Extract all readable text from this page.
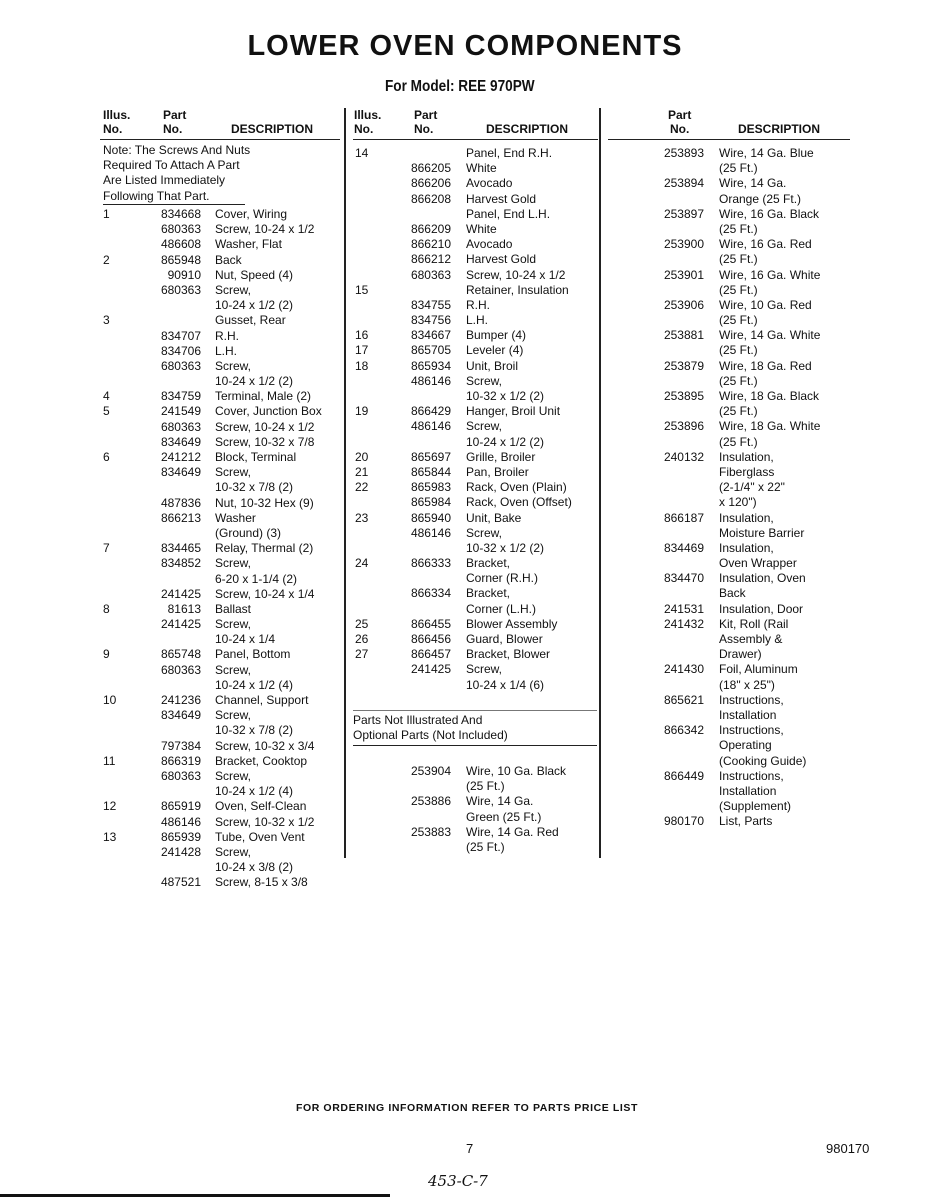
LOWER OVEN COMPONENTS
For Model: REE 970PW
Illus.
No.
Part
No.	DESCRIPTION
Illus.
No.
Part
No.	DESCRIPTION
Part
No.	DESCRIPTION
Note: The Screws And Nuts
Required To Attach A Part
Are Listed Immediately
Following That Part.
1	834668 Cover, Wiring
680363 Screw, 10-24 x 1/2
486608 Washer, Flat
2	865948 Back
90910 Nut, Speed (4)
680363 Screw,
10-24 x 1/2 (2)
3	Gusset, Rear
834707 R.H.
834706 L.H.
680363 Screw,
10-24 x 1/2 (2)
4	834759 Terminal, Male (2)
5	241549 Cover, Junction Box
680363 Screw, 10-24 x 1/2
834649 Screw, 10-32 x 7/8
6	241212 Block, Terminal
834649 Screw,
10-32 x 7/8 (2)
487836 Nut, 10-32 Hex (9)
866213 Washer
(Ground) (3)
7	834465 Relay, Thermal (2)
834852 Screw,
6-20 x 1-1/4 (2)
241425 Screw, 10-24 x 1/4
8	81613 Ballast
241425 Screw,
10-24 x 1/4
9	865748 Panel, Bottom
680363 Screw,
10-24 x 1/2 (4)
10	241236 Channel, Support
834649 Screw,
10-32 x 7/8 (2)
797384 Screw, 10-32 x 3/4
11	866319 Bracket, Cooktop
680363 Screw,
10-24 x 1/2 (4)
12	865919 Oven, Self-Clean
486146 Screw, 10-32 x 1/2
13	865939 Tube, Oven Vent
241428 Screw,
10-24 x 3/8 (2)
487521 Screw, 8-15 x 3/8
14	Panel, End R.H.
866205 White
866206 Avocado
866208 Harvest Gold
Panel, End L.H.
866209 White
866210 Avocado
866212 Harvest Gold
680363 Screw, 10-24 x 1/2
15	Retainer, Insulation
834755 R.H.
834756 L.H.
16	834667 Bumper (4)
17	865705 Leveler (4)
18	865934 Unit, Broil
486146 Screw,
10-32 x 1/2 (2)
19	866429 Hanger, Broil Unit
486146 Screw,
10-24 x 1/2 (2)
20	865697 Grille, Broiler
21	865844 Pan, Broiler
22	865983 Rack, Oven (Plain)
865984 Rack, Oven (Offset)
23	865940 Unit, Bake
486146 Screw,
10-32 x 1/2 (2)
24	866333 Bracket,
Corner (R.H.)
866334 Bracket,
Corner (L.H.)
25	866455 Blower Assembly
26	866456 Guard, Blower
27	866457 Bracket, Blower
241425 Screw,
10-24 x 1/4 (6)
Parts Not Illustrated And
Optional Parts (Not Included)
253904 Wire, 10 Ga. Black
(25 Ft.)
253886 Wire, 14 Ga.
Green (25 Ft.)
253883 Wire, 14 Ga. Red
(25 Ft.)
253893 Wire, 14 Ga. Blue
(25 Ft.)
253894 Wire, 14 Ga.
Orange (25 Ft.)
253897 Wire, 16 Ga. Black
(25 Ft.)
253900 Wire, 16 Ga. Red
(25 Ft.)
253901 Wire, 16 Ga. White
(25 Ft.)
253906 Wire, 10 Ga. Red
(25 Ft.)
253881 Wire, 14 Ga. White
(25 Ft.)
253879 Wire, 18 Ga. Red
(25 Ft.)
253895 Wire, 18 Ga. Black
(25 Ft.)
253896 Wire, 18 Ga. White
(25 Ft.)
240132 Insulation,
Fiberglass
(2-1/4" x 22"
x 120")
866187 Insulation,
Moisture Barrier
834469 Insulation,
Oven Wrapper
834470 Insulation, Oven
Back
241531 Insulation, Door
241432 Kit, Roll (Rail
Assembly &
Drawer)
241430 Foil, Aluminum
(18" x 25")
865621 Instructions,
Installation
866342 Instructions,
Operating
(Cooking Guide)
866449 Instructions,
Installation
(Supplement)
980170 List, Parts
FOR ORDERING INFORMATION REFER TO PARTS PRICE LIST
7	980170
453-C-7
